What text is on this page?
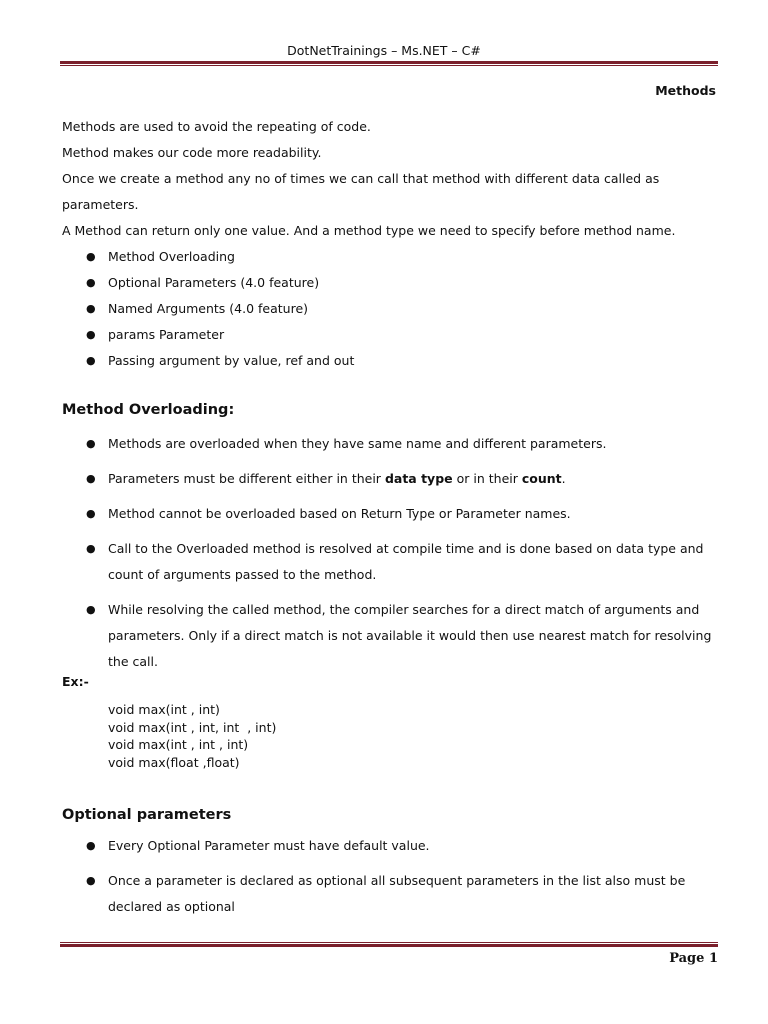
DotNetTrainings – Ms.NET – C#
Methods

Methods are used to avoid the repeating of code.

Method makes our code more readability.

Once we create a method any no of times we can call that method with different data called as

parameters.

A Method can return only one value. And a method type we need to specify before method name.

● Method Overloading
● Optional Parameters (4.0 feature)
● Named Arguments (4.0 feature)
● params Parameter
● Passing argument by value, ref and out
Method Overloading:
● Methods are overloaded when they have same name and different parameters.
● Parameters must be different either in their data type or in their count.
● Method cannot be overloaded based on Return Type or Parameter names.
● Call to the Overloaded method is resolved at compile time and is done based on data type and
count of arguments passed to the method.
● While resolving the called method, the compiler searches for a direct match of arguments and
parameters. Only if a direct match is not available it would then use nearest match for resolving
the call.
Ex:-
void max(int , int)
void max(int , int, int  , int)
void max(int , int , int)
void max(float ,float)
Optional parameters
● Every Optional Parameter must have default value.
● Once a parameter is declared as optional all subsequent parameters in the list also must be
declared as optional
Page 1
